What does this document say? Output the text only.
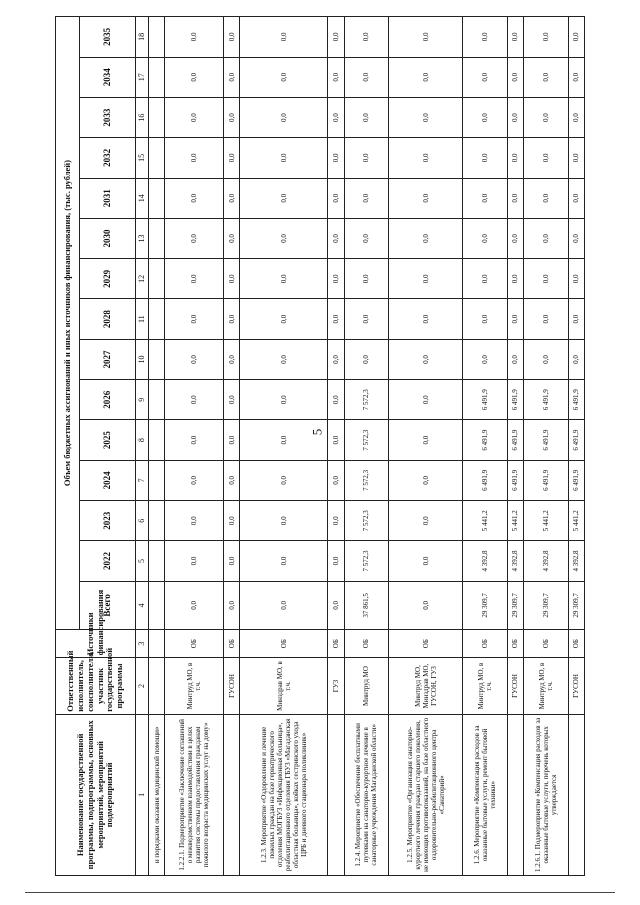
5
Наименование государственной программы, подпрограммы, основных мероприятий, мероприятий подмероприятий	Ответственный исполнитель, соисполнители, участник государственной программы	Источники финансирования	Объем бюджетных ассигнований и иных источников финансирования, (тыс. рублей)														
			Всего	2022	2023	2024	2025	2026	2027	2028	2029	2030	2031	2032	2033	2034	2035
1	2	3	4	5	6	7	8	9	10	11	12	13	14	15	16	17	18
и порядками оказания медицинской помощи»																	
1.2.2.1. Подмероприятие «Заключение соглашений о межведомственном взаимодействии в целях развития системы предоставления гражданам пожилого возраста медицинских услуг на дому»	Минтруд МО, в т.ч.	ОБ	0,0	0,0	0,0	0,0	0,0	0,0	0,0	0,0	0,0	0,0	0,0	0,0	0,0	0,0	0,0
	ГУСОН	ОБ	0,0	0,0	0,0	0,0	0,0	0,0	0,0	0,0	0,0	0,0	0,0	0,0	0,0	0,0	0,0
1.2.3. Мероприятие «Оздоровление и лечение пожилых граждан на базе гериатрического отделения МОГБУЗ «Инфекционная больница», реабилитационного отделения ГБУЗ «Магаданская областная больница», койках сестринского ухода ЦРБ и дневного стационара поликлиник»	Минздрав МО, в т.ч.	ОБ	0,0	0,0	0,0	0,0	0,0	0,0	0,0	0,0	0,0	0,0	0,0	0,0	0,0	0,0	0,0
	ГУЗ	ОБ	0,0	0,0	0,0	0,0	0,0	0,0	0,0	0,0	0,0	0,0	0,0	0,0	0,0	0,0	0,0
1.2.4. Мероприятие «Обеспечение бесплатными путевками на санаторно-курортное лечение в санаторные учреждения Магаданской области»	Минтруд МО	ОБ	37 861,5	7 572,3	7 572,3	7 572,3	7 572,3	7 572,3	0,0	0,0	0,0	0,0	0,0	0,0	0,0	0,0	0,0
1.2.5. Мероприятие «Организация санаторно-курортного лечения граждан старшего поколения, не имеющих противопоказаний, на базе областного оздоровительно-реабилитационного центра «Санаторий»	Минтруд МО, Минздрав МО, ГУСОН, ГУЗ	ОБ	0,0	0,0	0,0	0,0	0,0	0,0	0,0	0,0	0,0	0,0	0,0	0,0	0,0	0,0	0,0
1.2.6. Мероприятие «Компенсация расходов за оказанные бытовые услуги, ремонт бытовой техники»	Минтруд МО, в т.ч.	ОБ	29 309,7	4 392,8	5 441,2	6 491,9	6 491,9	6 491,9	0,0	0,0	0,0	0,0	0,0	0,0	0,0	0,0	0,0
	ГУСОН	ОБ	29 309,7	4 392,8	5 441,2	6 491,9	6 491,9	6 491,9	0,0	0,0	0,0	0,0	0,0	0,0	0,0	0,0	0,0
1.2.6.1. Подмероприятие «Компенсация расходов за оказанные бытовые услуги, перечень которых утверждается	Минтруд МО, в т.ч.	ОБ	29 309,7	4 392,8	5 441,2	6 491,9	6 491,9	6 491,9	0,0	0,0	0,0	0,0	0,0	0,0	0,0	0,0	0,0
	ГУСОН	ОБ	29 309,7	4 392,8	5 441,2	6 491,9	6 491,9	6 491,9	0,0	0,0	0,0	0,0	0,0	0,0	0,0	0,0	0,0
